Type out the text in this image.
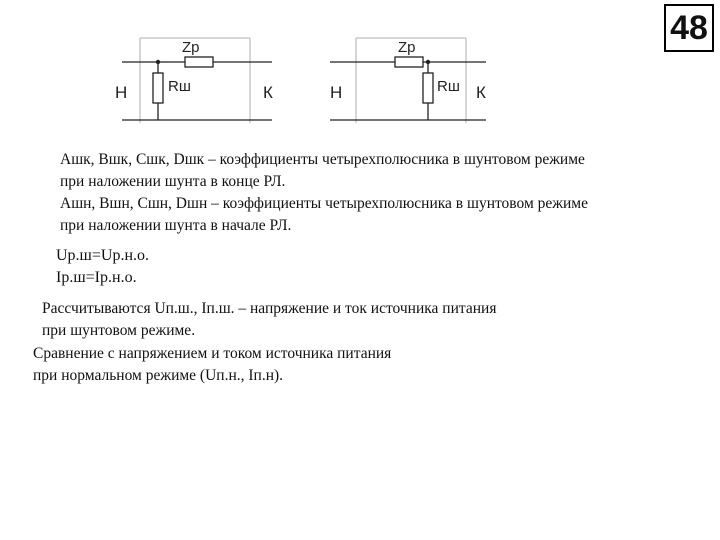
48
Zp
Rш
Н	К
Zp
Rш
Н	К

Ашк, Вшк, Сшк, Dшк – коэффициенты четырехполюсника в шунтовом режиме
при наложении шунта в конце РЛ.
Ашн, Вшн, Сшн, Dшн – коэффициенты четырехполюсника в шунтовом режиме
при наложении шунта в начале РЛ.

Uр.ш=Uр.н.о.
Iр.ш=Iр.н.о.

Рассчитываются Uп.ш., Iп.ш. – напряжение и ток источника питания
при шунтовом режиме.

Сравнение с напряжением и током источника питания
при нормальном режиме (Uп.н., Iп.н).
